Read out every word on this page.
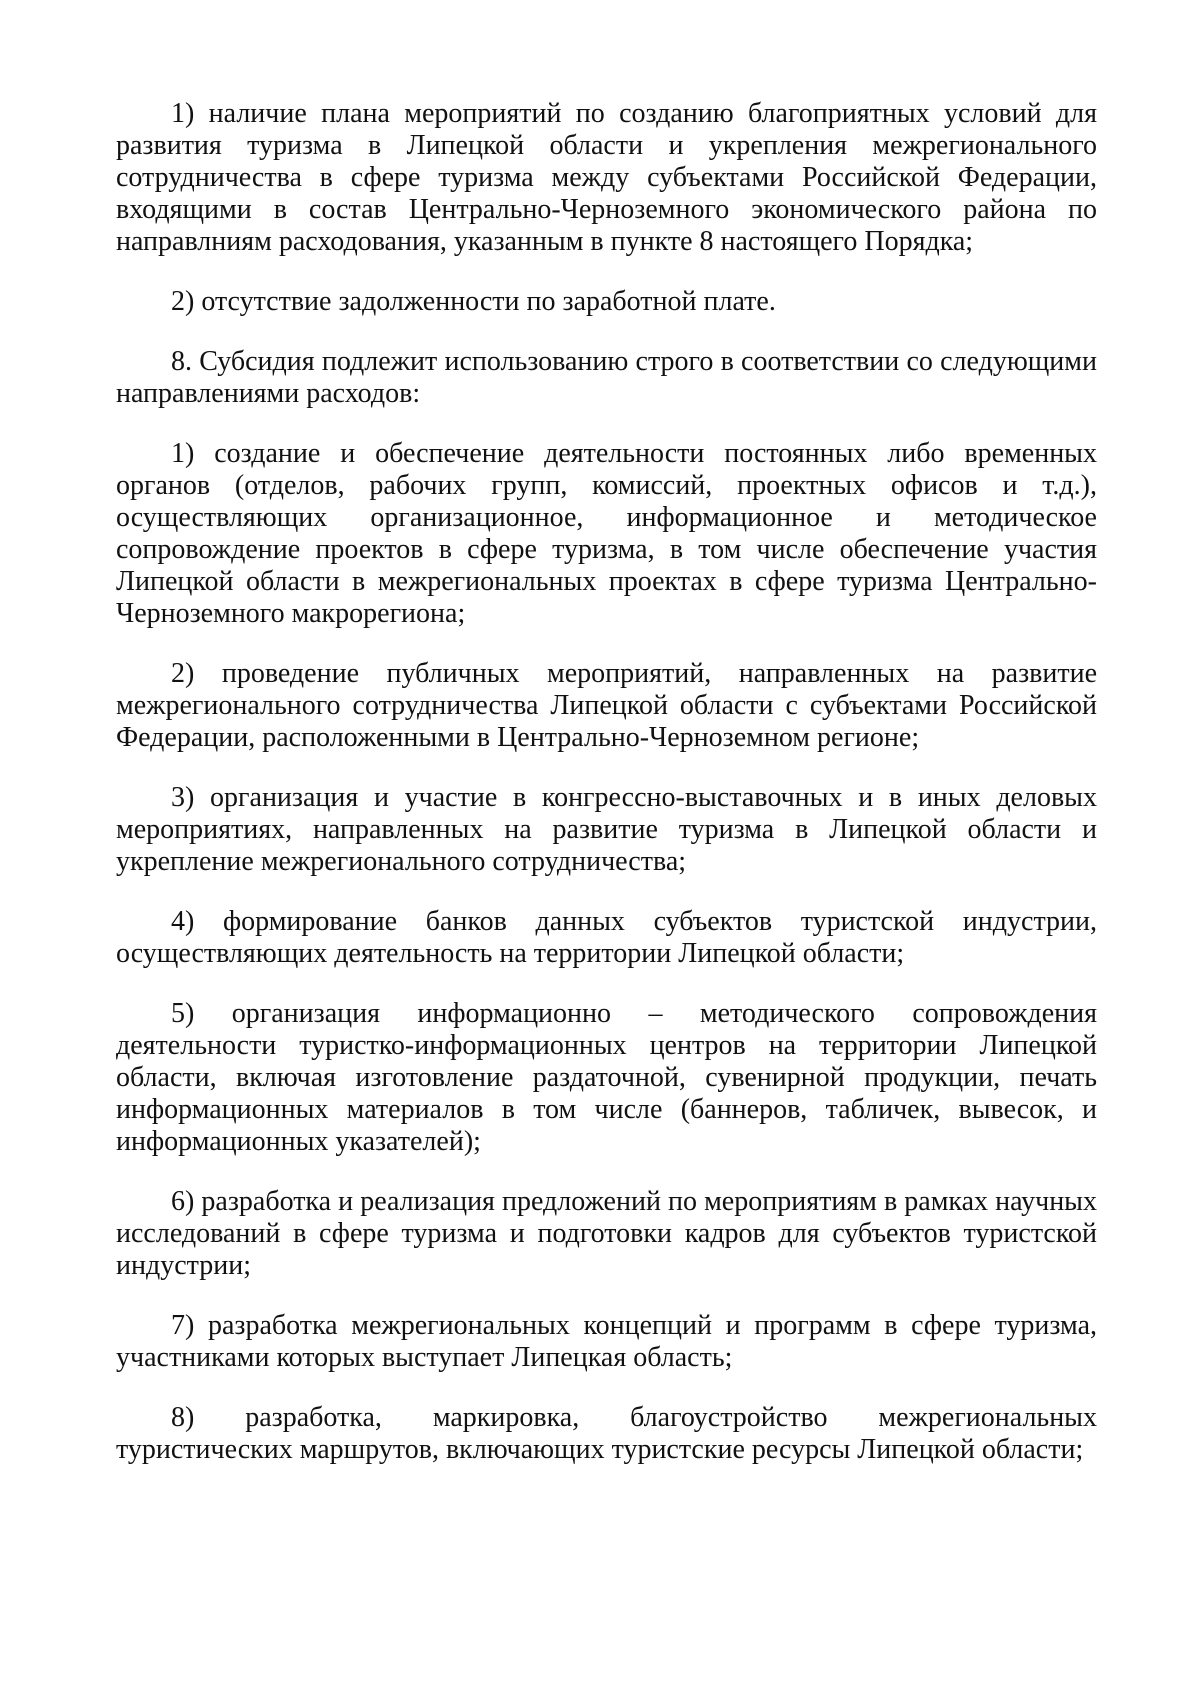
1) наличие плана мероприятий по созданию благоприятных условий для развития туризма в Липецкой области и укрепления межрегионального сотрудничества в сфере туризма между субъектами Российской Федерации, входящими в состав Центрально-Черноземного экономического района по направлниям расходования, указанным в пункте 8 настоящего Порядка;

2) отсутствие задолженности по заработной плате.

8. Субсидия подлежит использованию строго в соответствии со следующими направлениями расходов:

1) создание и обеспечение деятельности постоянных либо временных органов (отделов, рабочих групп, комиссий, проектных офисов и т.д.), осуществляющих организационное, информационное и методическое сопровождение проектов в сфере туризма, в том числе обеспечение участия Липецкой области в межрегиональных проектах в сфере туризма Центрально-Черноземного макрорегиона;

2) проведение публичных мероприятий, направленных на развитие межрегионального сотрудничества Липецкой области с субъектами Российской Федерации, расположенными в Центрально-Черноземном регионе;

3) организация и участие в конгрессно-выставочных и в иных деловых мероприятиях, направленных на развитие туризма в Липецкой области и укрепление межрегионального сотрудничества;

4) формирование банков данных субъектов туристской индустрии, осуществляющих деятельность на территории Липецкой области;

5) организация информационно – методического сопровождения деятельности туристко-информационных центров на территории Липецкой области, включая изготовление раздаточной, сувенирной продукции, печать информационных материалов в том числе (баннеров, табличек, вывесок, и информационных указателей);

6) разработка и реализация предложений по мероприятиям в рамках научных исследований в сфере туризма и подготовки кадров для субъектов туристской индустрии;

7) разработка межрегиональных концепций и программ в сфере туризма, участниками которых выступает Липецкая область;

8) разработка, маркировка, благоустройство межрегиональных туристических маршрутов, включающих туристские ресурсы Липецкой области;
